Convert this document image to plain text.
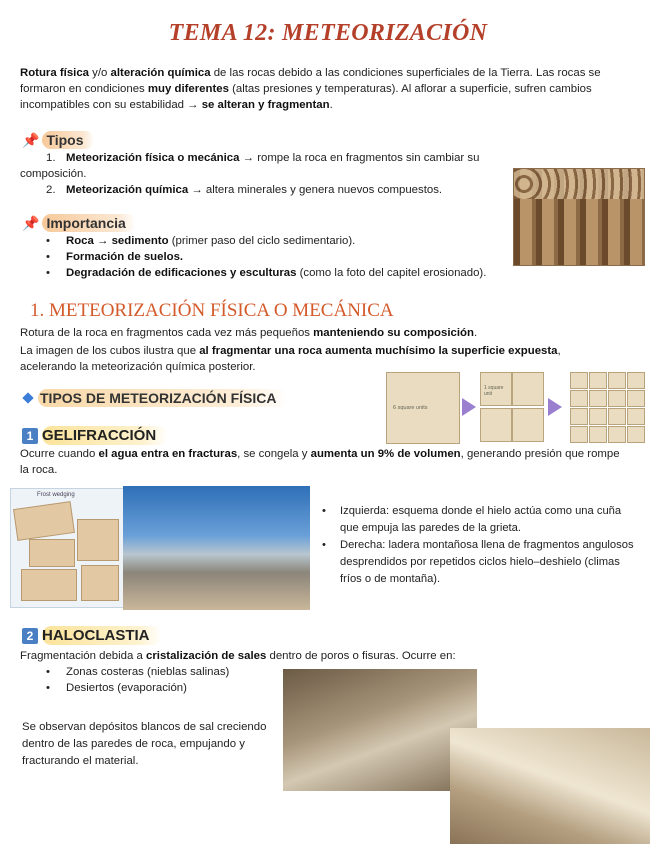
TEMA 12: METEORIZACIÓN

Rotura física y/o alteración química de las rocas debido a las condiciones superficiales de la Tierra. Las rocas se formaron en condiciones muy diferentes (altas presiones y temperaturas). Al aflorar a superficie, sufren cambios incompatibles con su estabilidad → se alteran y fragmentan.

📌 Tipos
1. Meteorización física o mecánica → rompe la roca en fragmentos sin cambiar su
composición.
2. Meteorización química → altera minerales y genera nuevos compuestos.
📌 Importancia
• Roca → sedimento (primer paso del ciclo sedimentario).
• Formación de suelos.
• Degradación de edificaciones y esculturas (como la foto del capitel erosionado).
1. METEORIZACIÓN FÍSICA O MECÁNICA

Rotura de la roca en fragmentos cada vez más pequeños manteniendo su composición.

La imagen de los cubos ilustra que al fragmentar una roca aumenta muchísimo la superficie expuesta, acelerando la meteorización química posterior.

6 square units
1 square unit
TIPOS DE METEORIZACIÓN FÍSICA
1 GELIFRACCIÓN

Ocurre cuando el agua entra en fracturas, se congela y aumenta un 9% de volumen, generando presión que rompe la roca.

Frost wedging
• Izquierda: esquema donde el hielo actúa como una cuña que empuja las paredes de la grieta.
• Derecha: ladera montañosa llena de fragmentos angulosos desprendidos por repetidos ciclos hielo–deshielo (climas fríos o de montaña).
2 HALOCLASTIA

Fragmentación debida a cristalización de sales dentro de poros o fisuras. Ocurre en:

• Zonas costeras (nieblas salinas)
• Desiertos (evaporación)

Se observan depósitos blancos de sal creciendo dentro de las paredes de roca, empujando y fracturando el material.
